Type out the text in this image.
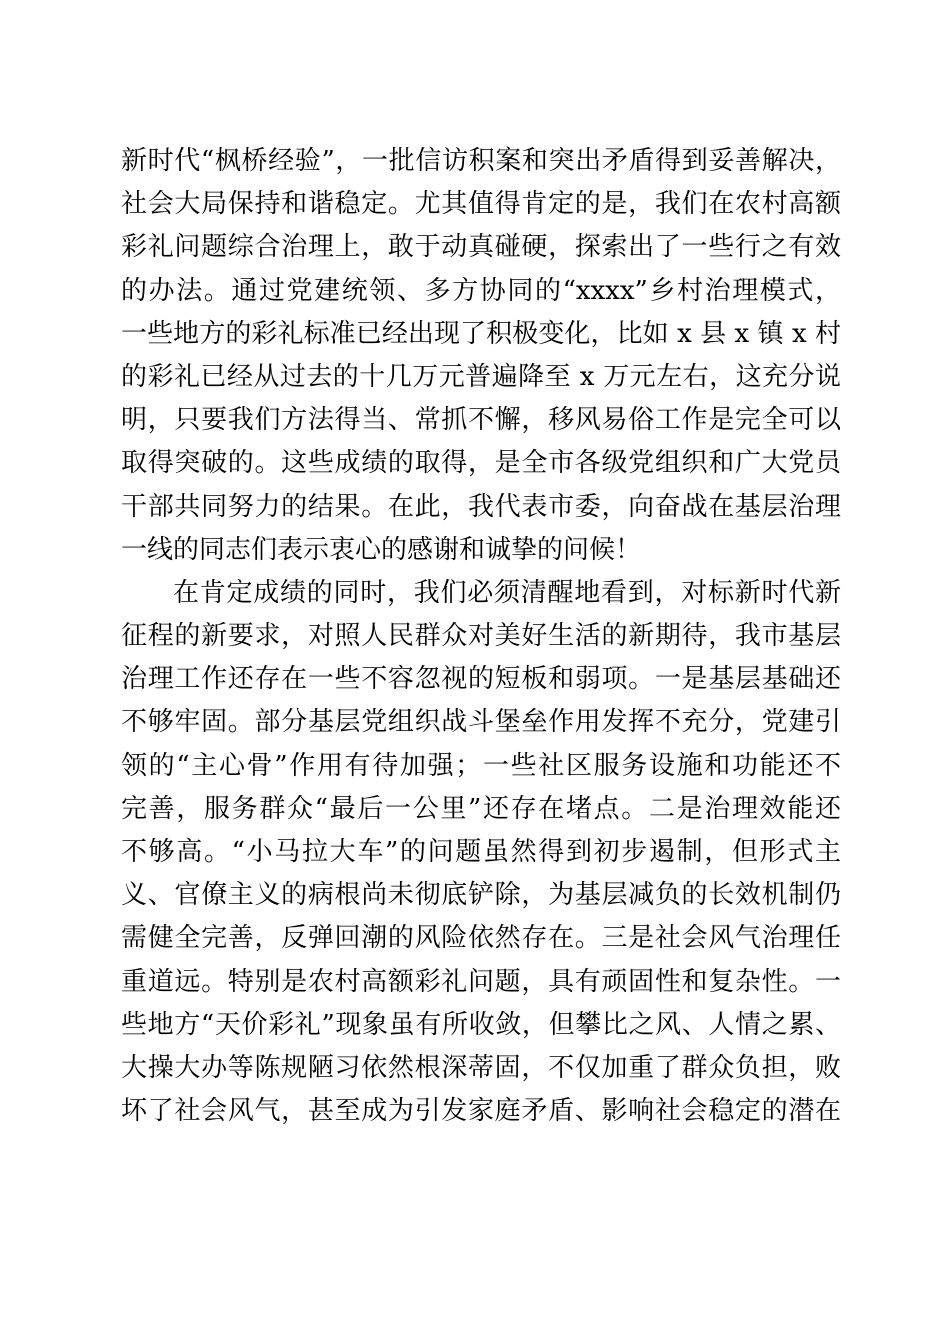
新时代“枫桥经验”，一批信访积案和突出矛盾得到妥善解决，
社会大局保持和谐稳定。尤其值得肯定的是，我们在农村高额
彩礼问题综合治理上，敢于动真碰硬，探索出了一些行之有效
的办法。通过党建统领、多方协同的“xxxx”乡村治理模式，
一些地方的彩礼标准已经出现了积极变化，比如 x 县 x 镇 x 村
的彩礼已经从过去的十几万元普遍降至 x 万元左右，这充分说
明，只要我们方法得当、常抓不懈，移风易俗工作是完全可以
取得突破的。这些成绩的取得，是全市各级党组织和广大党员
干部共同努力的结果。在此，我代表市委，向奋战在基层治理
一线的同志们表示衷心的感谢和诚挚的问候！
在肯定成绩的同时，我们必须清醒地看到，对标新时代新
征程的新要求，对照人民群众对美好生活的新期待，我市基层
治理工作还存在一些不容忽视的短板和弱项。一是基层基础还
不够牢固。部分基层党组织战斗堡垒作用发挥不充分，党建引
领的“主心骨”作用有待加强；一些社区服务设施和功能还不
完善，服务群众“最后一公里”还存在堵点。二是治理效能还
不够高。“小马拉大车”的问题虽然得到初步遏制，但形式主
义、官僚主义的病根尚未彻底铲除，为基层减负的长效机制仍
需健全完善，反弹回潮的风险依然存在。三是社会风气治理任
重道远。特别是农村高额彩礼问题，具有顽固性和复杂性。一
些地方“天价彩礼”现象虽有所收敛，但攀比之风、人情之累、
大操大办等陈规陋习依然根深蒂固，不仅加重了群众负担，败
坏了社会风气，甚至成为引发家庭矛盾、影响社会稳定的潜在
